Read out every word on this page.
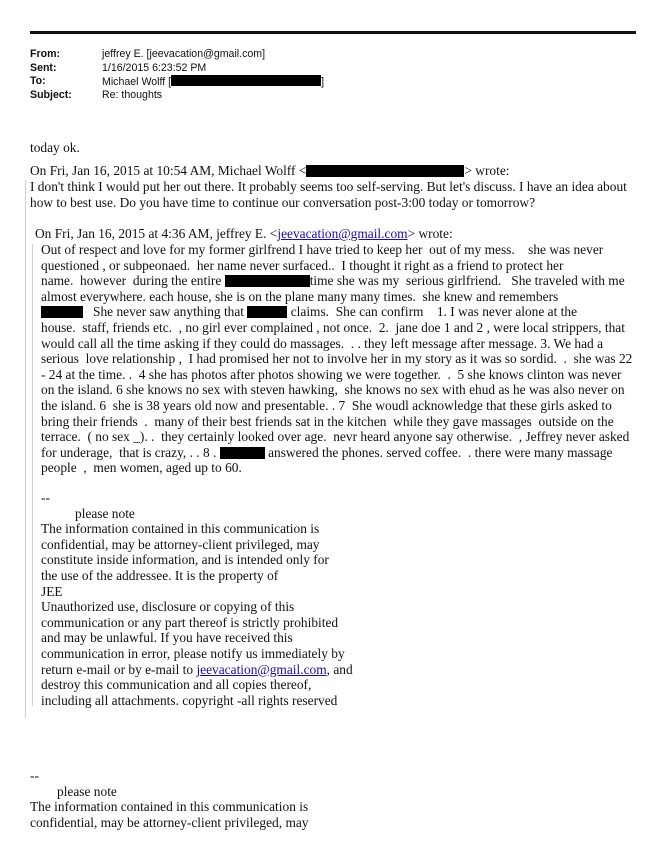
From:	jeffrey E. [jeevacation@gmail.com]
Sent:	1/16/2015 6:23:52 PM
To:	Michael Wolff [	]
Subject:	Re: thoughts
today ok.
On Fri, Jan 16, 2015 at 10:54 AM, Michael Wolff <	> wrote:
I don't think I would put her out there. It probably seems too self-serving. But let's discuss. I have an idea about
how to best use. Do you have time to continue our conversation post-3:00 today or tomorrow?
On Fri, Jan 16, 2015 at 4:36 AM, jeffrey E. <jeevacation@gmail.com> wrote:
Out of respect and love for my former girlfrend I have tried to keep her  out of my mess.    she was never
questioned , or subpeonaed.  her name never surfaced..  I thought it right as a friend to protect her
name.  however  during the entire	time she was my  serious girlfriend.   She traveled with me
almost everywhere. each house, she is on the plane many many times.  she knew and remembers
She never saw anything that	claims.  She can confirm    1. I was never alone at the
house.  staff, friends etc.  , no girl ever complained , not once.  2.  jane doe 1 and 2 , were local strippers, that
would call all the time asking if they could do massages.  . . they left message after message. 3. We had a
serious  love relationship ,  I had promised her not to involve her in my story as it was so sordid.  .  she was 22
- 24 at the time. .  4 she has photos after photos showing we were together.  .  5 she knows clinton was never
on the island. 6 she knows no sex with steven hawking,  she knows no sex with ehud as he was also never on
the island. 6  she is 38 years old now and presentable. . 7  She woudl acknowledge that these girls asked to
bring their friends  .  many of their best friends sat in the kitchen  while they gave massages  outside on the
terrace.  ( no sex _). .  they certainly looked over age.  nevr heard anyone say otherwise.  , Jeffrey never asked
for underage,  that is crazy, . . 8 .	answered the phones. served coffee.  . there were many massage
people  ,  men women, aged up to 60.
--
please note
The information contained in this communication is
confidential, may be attorney-client privileged, may
constitute inside information, and is intended only for
the use of the addressee. It is the property of
JEE
Unauthorized use, disclosure or copying of this
communication or any part thereof is strictly prohibited
and may be unlawful. If you have received this
communication in error, please notify us immediately by
return e-mail or by e-mail to jeevacation@gmail.com, and
destroy this communication and all copies thereof,
including all attachments. copyright -all rights reserved
--
please note
The information contained in this communication is
confidential, may be attorney-client privileged, may
